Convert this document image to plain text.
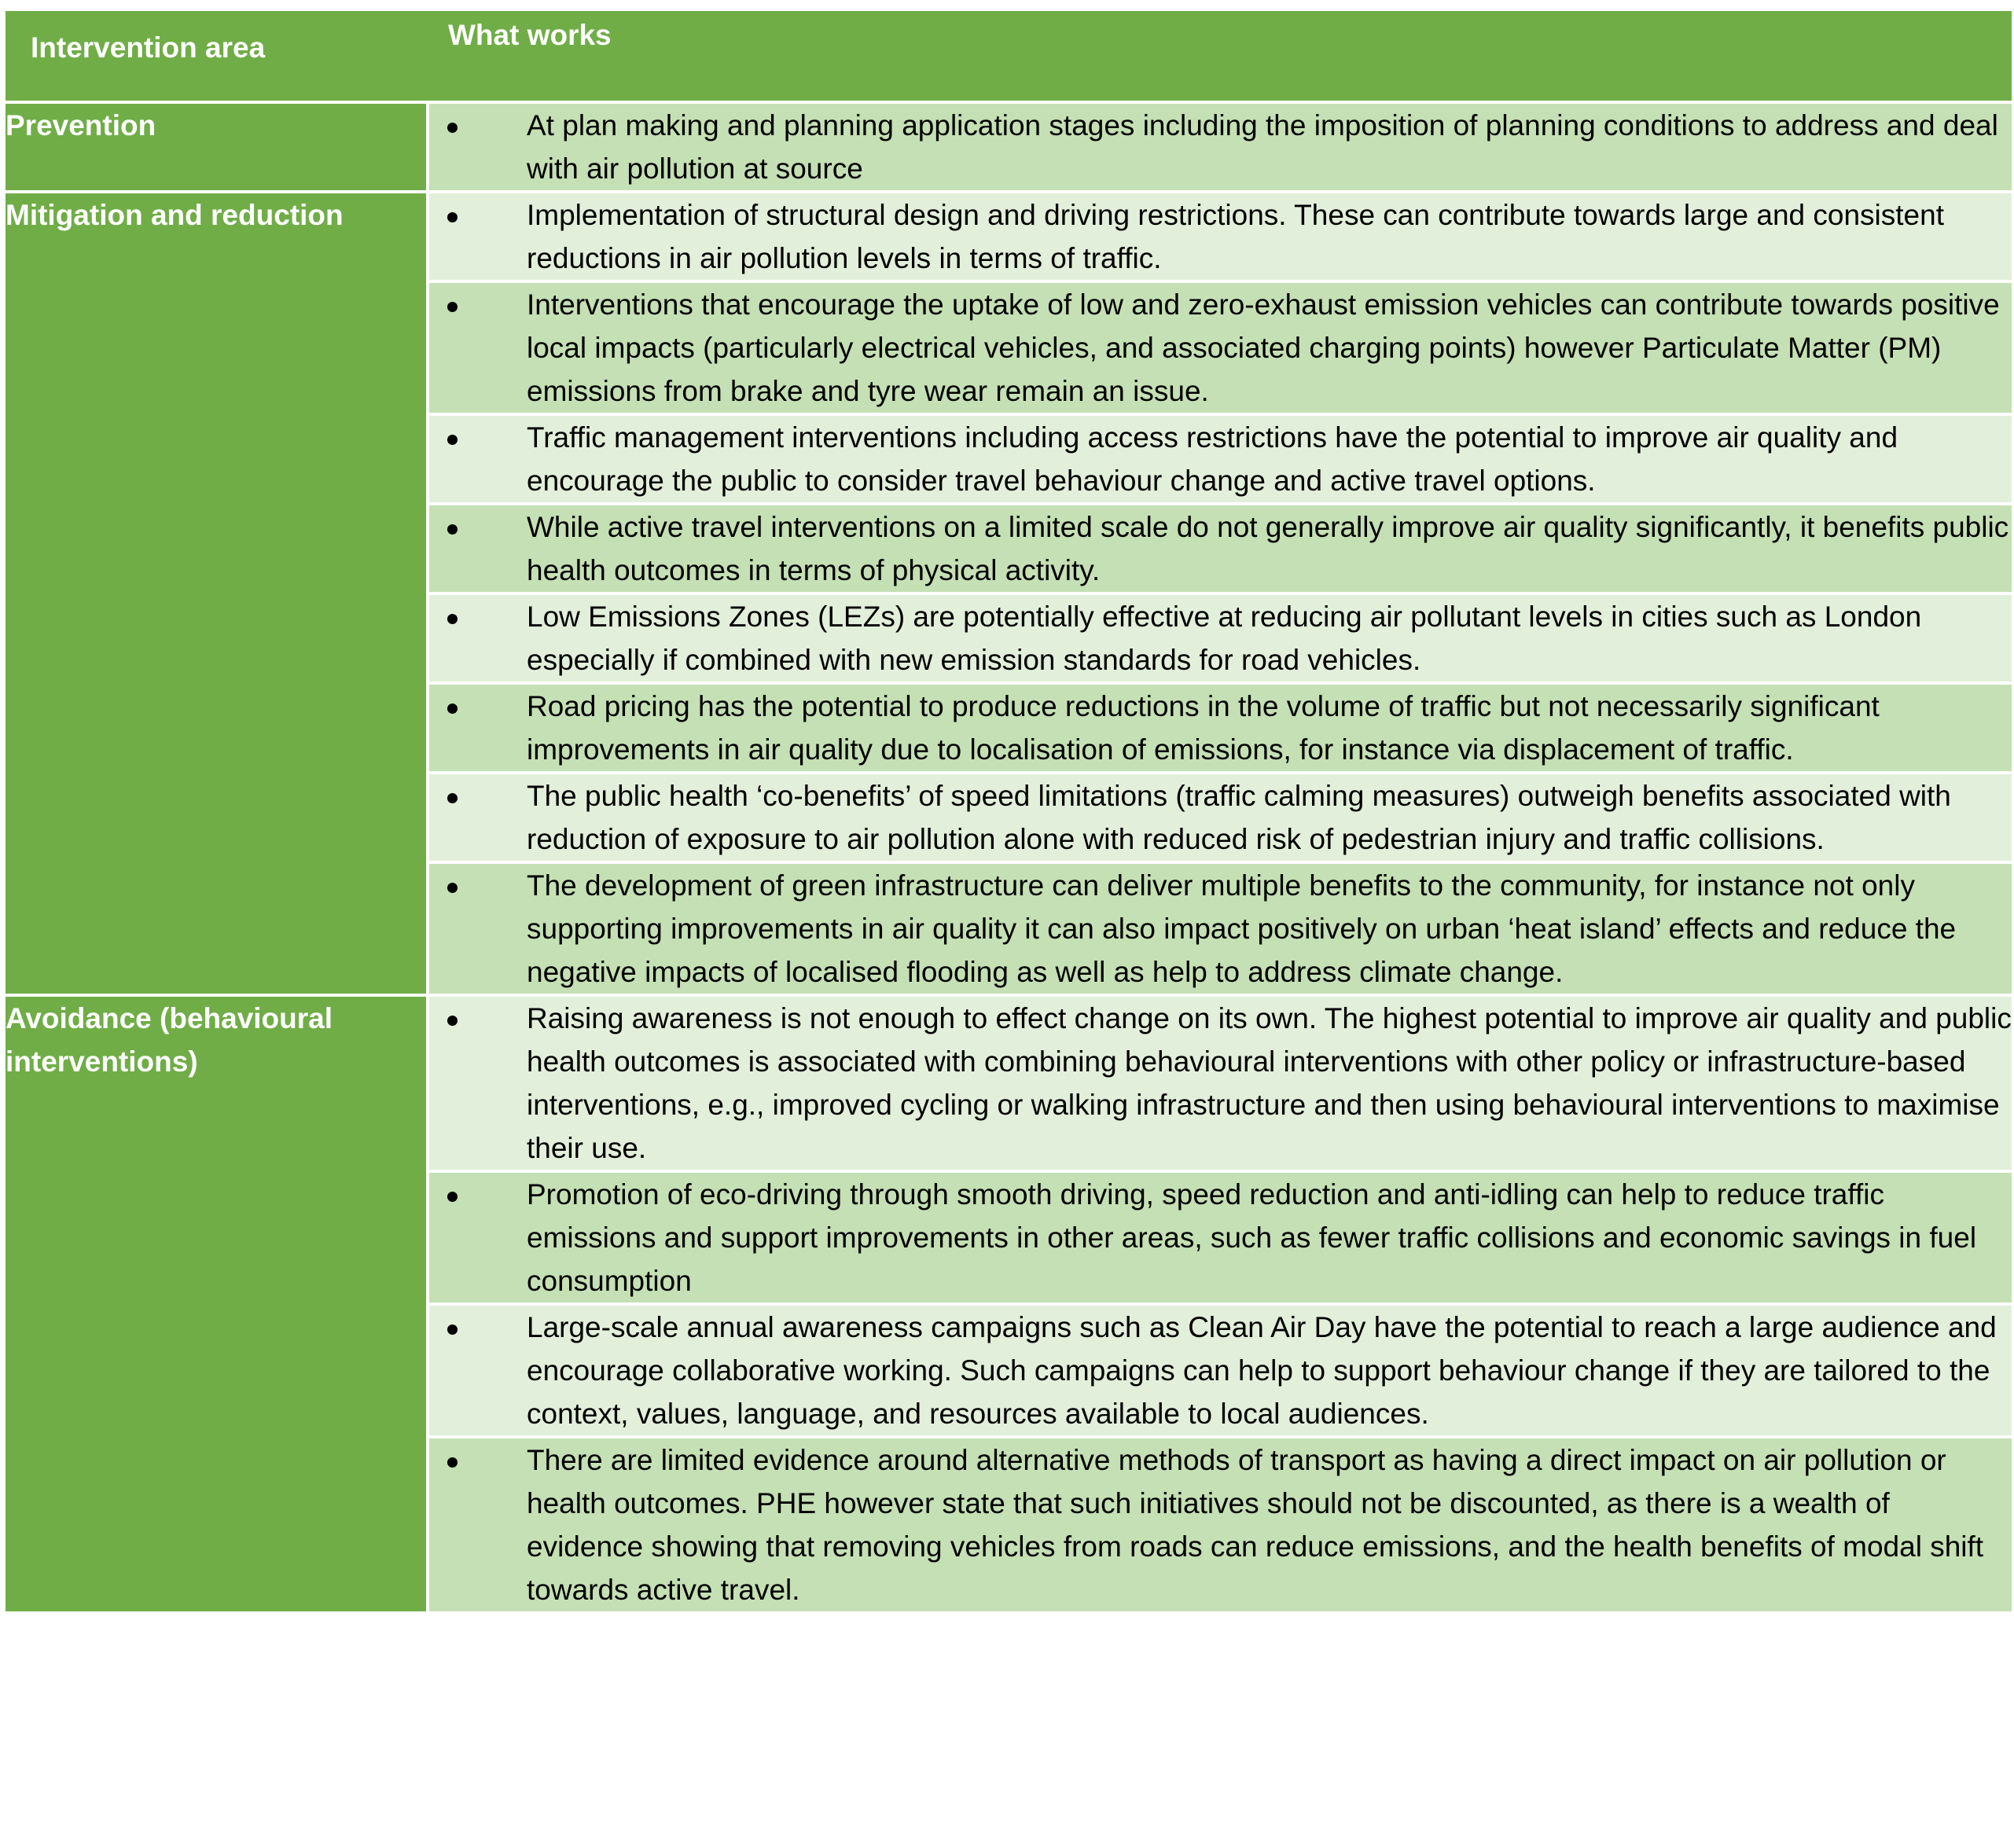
Intervention area	What works
Prevention	At plan making and planning application stages including the imposition of planning conditions to address and deal with air pollution at source

Mitigation and reduction	Implementation of structural design and driving restrictions. These can contribute towards large and consistent reductions in air pollution levels in terms of traffic.

	Interventions that encourage the uptake of low and zero-exhaust emission vehicles can contribute towards positive local impacts (particularly electrical vehicles, and associated charging points) however Particulate Matter (PM) emissions from brake and tyre wear remain an issue.

	Traffic management interventions including access restrictions have the potential to improve air quality and encourage the public to consider travel behaviour change and active travel options.

	While active travel interventions on a limited scale do not generally improve air quality significantly, it benefits public health outcomes in terms of physical activity.

	Low Emissions Zones (LEZs) are potentially effective at reducing air pollutant levels in cities such as London especially if combined with new emission standards for road vehicles.

	Road pricing has the potential to produce reductions in the volume of traffic but not necessarily significant improvements in air quality due to localisation of emissions, for instance via displacement of traffic.

	The public health ‘co-benefits’ of speed limitations (traffic calming measures) outweigh benefits associated with reduction of exposure to air pollution alone with reduced risk of pedestrian injury and traffic collisions.

	The development of green infrastructure can deliver multiple benefits to the community, for instance not only supporting improvements in air quality it can also impact positively on urban ‘heat island’ effects and reduce the negative impacts of localised flooding as well as help to address climate change.

Avoidance (behavioural interventions)	Raising awareness is not enough to effect change on its own. The highest potential to improve air quality and public health outcomes is associated with combining behavioural interventions with other policy or infrastructure-based interventions, e.g., improved cycling or walking infrastructure and then using behavioural interventions to maximise their use.

	Promotion of eco-driving through smooth driving, speed reduction and anti-idling can help to reduce traffic emissions and support improvements in other areas, such as fewer traffic collisions and economic savings in fuel consumption

	Large-scale annual awareness campaigns such as Clean Air Day have the potential to reach a large audience and encourage collaborative working. Such campaigns can help to support behaviour change if they are tailored to the context, values, language, and resources available to local audiences.

	There are limited evidence around alternative methods of transport as having a direct impact on air pollution or health outcomes. PHE however state that such initiatives should not be discounted, as there is a wealth of evidence showing that removing vehicles from roads can reduce emissions, and the health benefits of modal shift towards active travel.
